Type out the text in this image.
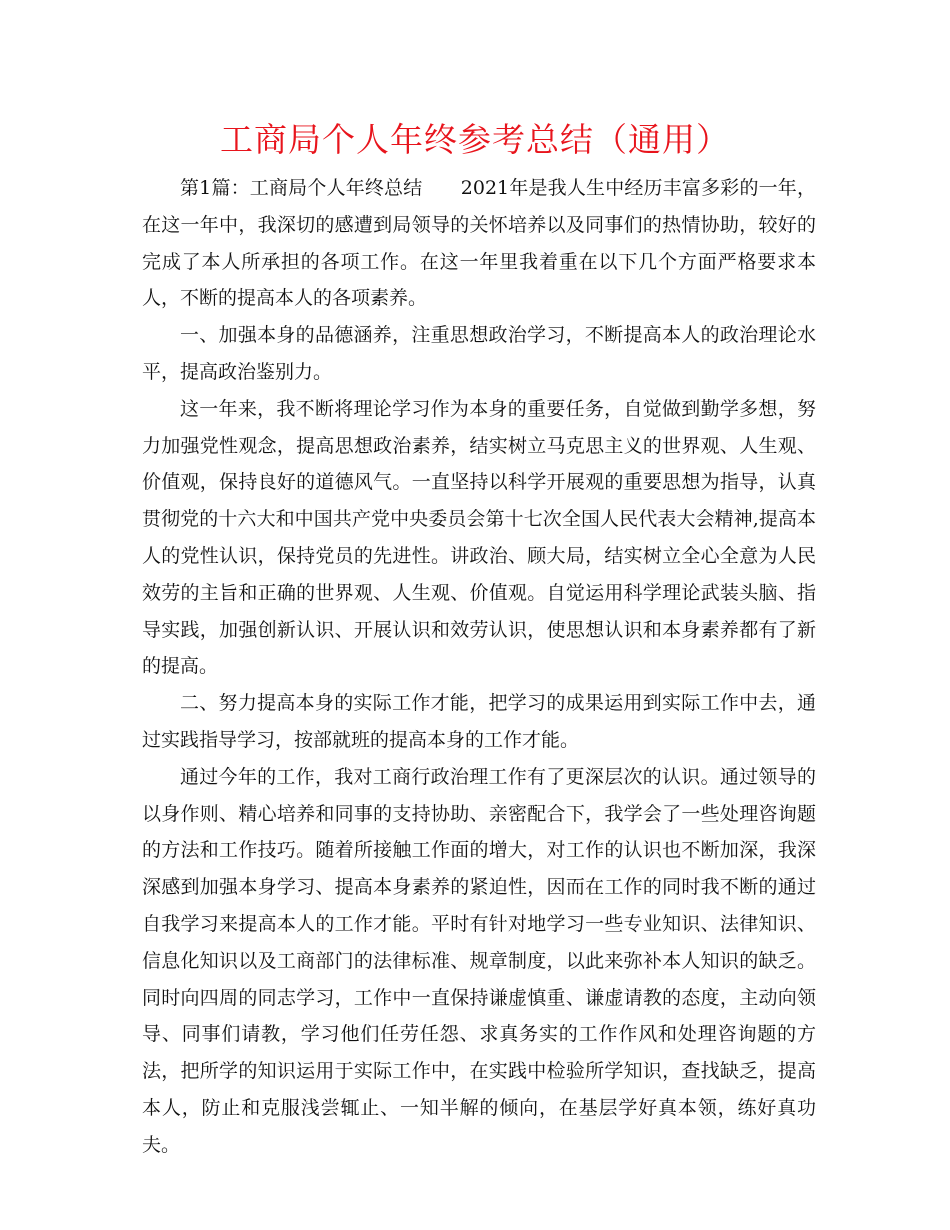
工商局个人年终参考总结（通用）

第1篇：工商局个人年终总结　　2021年是我人生中经历丰富多彩的一年，在这一年中，我深切的感遭到局领导的关怀培养以及同事们的热情协助，较好的完成了本人所承担的各项工作。在这一年里我着重在以下几个方面严格要求本人，不断的提高本人的各项素养。

一、加强本身的品德涵养，注重思想政治学习，不断提高本人的政治理论水平，提高政治鉴别力。

这一年来，我不断将理论学习作为本身的重要任务，自觉做到勤学多想，努力加强党性观念，提高思想政治素养，结实树立马克思主义的世界观、人生观、价值观，保持良好的道德风气。一直坚持以科学开展观的重要思想为指导，认真贯彻党的十六大和中国共产党中央委员会第十七次全国人民代表大会精神,提高本人的党性认识，保持党员的先进性。讲政治、顾大局，结实树立全心全意为人民效劳的主旨和正确的世界观、人生观、价值观。自觉运用科学理论武装头脑、指导实践，加强创新认识、开展认识和效劳认识，使思想认识和本身素养都有了新的提高。

二、努力提高本身的实际工作才能，把学习的成果运用到实际工作中去，通过实践指导学习，按部就班的提高本身的工作才能。

通过今年的工作，我对工商行政治理工作有了更深层次的认识。通过领导的以身作则、精心培养和同事的支持协助、亲密配合下，我学会了一些处理咨询题的方法和工作技巧。随着所接触工作面的增大，对工作的认识也不断加深，我深深感到加强本身学习、提高本身素养的紧迫性，因而在工作的同时我不断的通过自我学习来提高本人的工作才能。平时有针对地学习一些专业知识、法律知识、信息化知识以及工商部门的法律标准、规章制度，以此来弥补本人知识的缺乏。同时向四周的同志学习，工作中一直保持谦虚慎重、谦虚请教的态度，主动向领导、同事们请教，学习他们任劳任怨、求真务实的工作作风和处理咨询题的方法，把所学的知识运用于实际工作中，在实践中检验所学知识，查找缺乏，提高本人，防止和克服浅尝辄止、一知半解的倾向，在基层学好真本领，练好真功夫。
